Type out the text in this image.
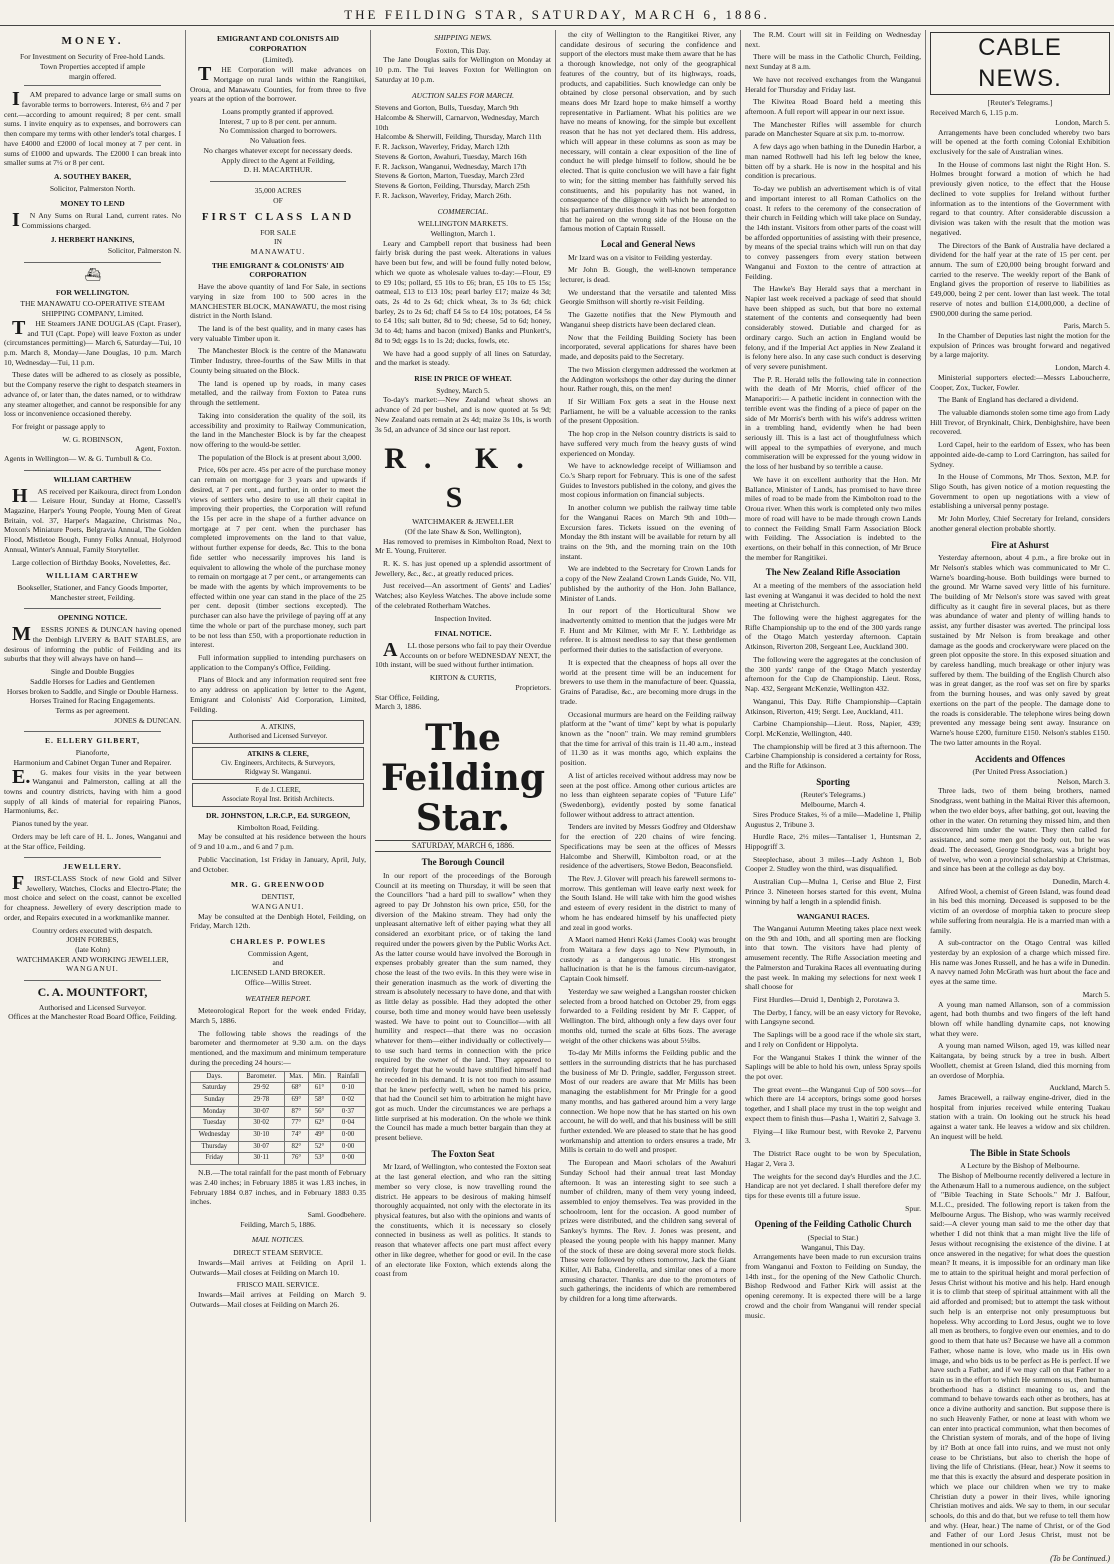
THE FEILDING STAR, SATURDAY, MARCH 6, 1886.
MONEY.
For Investment on Security of Free-hold Lands.
Town Properties accepted if ample
margin offered.

IAM prepared to advance large or small sums on favorable terms to borrowers. Interest, 6½ and 7 per cent.—according to amount required; 8 per cent. small sums. I invite enquiry as to expenses, and borrowers can then compare my terms with other lender's total charges. I have £4000 and £2000 of local money at 7 per cent. in sums of £1000 and upwards. The £2000 I can break into smaller sums at 7½ or 8 per cent.

A. SOUTHEY BAKER,
Solicitor, Palmerston North.
MONEY TO LEND

IN Any Sums on Rural Land, current rates. No Commissions charged.

J. HERBERT HANKINS,
Solicitor, Palmerston N.
⛴
FOR WELLINGTON.
THE MANAWATU CO-OPERATIVE STEAM SHIPPING COMPANY, Limited.

THE Steamers JANE DOUGLAS (Capt. Fraser), and TUI (Capt. Pope) will leave Foxton as under (circumstances permitting)— March 6, Saturday—Tui, 10 p.m. March 8, Monday—Jane Douglas, 10 p.m. March 10, Wednesday—Tui, 11 p.m.

These dates will be adhered to as closely as possible, but the Company reserve the right to despatch steamers in advance of, or later than, the dates named, or to withdraw any steamer altogether, and cannot be responsible for any loss or inconvenience occasioned thereby.

For freight or passage apply to

W. G. ROBINSON,
Agent, Foxton.
Agents in Wellington— W. & G. Turnbull & Co.
WILLIAM CARTHEW

HAS received per Kaikoura, direct from London— Leisure Hour, Sunday at Home, Cassell's Magazine, Harper's Young People, Young Men of Great Britain, vol. 37, Harper's Magazine, Christmas No., Moxon's Miniature Poets, Belgravia Annual, The Golden Flood, Mistletoe Bough, Funny Folks Annual, Holyrood Annual, Winter's Annual, Family Storyteller.

Large collection of Birthday Books, Novelettes, &c.

WILLIAM CARTHEW
Bookseller, Stationer, and Fancy Goods Importer,
Manchester street, Feilding.
OPENING NOTICE.

MESSRS JONES & DUNCAN having opened the Denbigh LIVERY & BAIT STABLES, are desirous of informing the public of Feilding and its suburbs that they will always have on hand—

Single and Double Buggies
Saddle Horses for Ladies and Gentlemen
Horses broken to Saddle, and Single or Double Harness.
Horses Trained for Racing Engagements.
Terms as per agreement.
JONES & DUNCAN.
E. ELLERY GILBERT,
Pianoforte,
Harmonium and Cabinet Organ Tuner and Repairer.

E.G. makes four visits in the year between Wanganui and Palmerston, calling at all the towns and country districts, having with him a good supply of all kinds of material for repairing Pianos, Harmoniums, &c.

Pianos tuned by the year.

Orders may be left care of H. L. Jones, Wanganui and at the Star office, Feilding.

JEWELLERY.

FIRST-CLASS Stock of new Gold and Silver Jewellery, Watches, Clocks and Electro-Plate; the most choice and select on the coast, cannot be excelled for cheapness. Jewellery of every description made to order, and Repairs executed in a workmanlike manner.

Country orders executed with despatch.
JOHN FORBES,
(late Kohn)
WATCHMAKER AND WORKING JEWELLER,
WANGANUI.
C. A. MOUNTFORT,
Authorised and Licensed Surveyor.
Offices at the Manchester Road Board Office, Feilding.
EMIGRANT AND COLONISTS AID CORPORATION
(Limited).

THE Corporation will make advances on Mortgage on rural lands within the Rangitikei, Oroua, and Manawatu Counties, for from three to five years at the option of the borrower.

Loans promptly granted if approved.
Interest, 7 up to 8 per cent. per annum.
No Commission charged to borrowers.
No Valuation fees.
No charges whatever except for necessary deeds.
Apply direct to the Agent at Feilding,
D. H. MACARTHUR.
35,000 ACRES
OF
FIRST CLASS LAND
FOR SALE
IN
MANAWATU.
THE EMIGRANT & COLONISTS' AID CORPORATION

Have the above quantity of land For Sale, in sections varying in size from 100 to 500 acres in the MANCHESTER BLOCK, MANAWATU, the most rising district in the North Island.

The land is of the best quality, and in many cases has very valuable Timber upon it.

The Manchester Block is the centre of the Manawatu Timber Industry, three-fourths of the Saw Mills in that County being situated on the Block.

The land is opened up by roads, in many cases metalled, and the railway from Foxton to Patea runs through the settlement.

Taking into consideration the quality of the soil, its accessibility and proximity to Railway Communication, the land in the Manchester Block is by far the cheapest now offering to the would-be settler.

The population of the Block is at present about 3,000.

Price, 60s per acre. 45s per acre of the purchase money can remain on mortgage for 3 years and upwards if desired, at 7 per cent., and further, in order to meet the views of settlers who desire to use all their capital in improving their properties, the Corporation will refund the 15s per acre in the shape of a further advance on mortgage at 7 per cent. when the purchaser has completed improvements on the land to that value, without further expense for deeds, &c. This to the bona fide settler who necessarily improves his land is equivalent to allowing the whole of the purchase money to remain on mortgage at 7 per cent., or arrangements can be made with the agents by which improvements to be effected within one year can stand in the place of the 25 per cent. deposit (timber sections excepted). The purchaser can also have the privilege of paying off at any time the whole or part of the purchase money, such part to be not less than £50, with a proportionate reduction in interest.

Full information supplied to intending purchasers on application to the Company's Office, Feilding.

Plans of Block and any information required sent free to any address on application by letter to the Agent, Emigrant and Colonists' Aid Corporation, Limited, Feilding.

A. ATKINS,
Authorised and Licensed Surveyor.
ATKINS & CLERE,
Civ. Engineers, Architects, & Surveyors,
Ridgway St. Wanganui.
F. de J. CLERE,
Associate Royal Inst. British Architects.
DR. JOHNSTON, L.R.C.P., Ed. SURGEON,
Kimbolton Road, Feilding.

May be consulted at his residence between the hours of 9 and 10 a.m., and 6 and 7 p.m.

Public Vaccination, 1st Friday in January, April, July, and October.

MR. G. GREENWOOD
DENTIST,
WANGANUI.

May be consulted at the Denbigh Hotel, Feilding, on Friday, March 12th.

CHARLES P. POWLES
Commission Agent,
and
LICENSED LAND BROKER.
Office—Willis Street.
WEATHER REPORT.

Meteorological Report for the week ended Friday, March 5, 1886.

The following table shows the readings of the barometer and thermometer at 9.30 a.m. on the days mentioned, and the maximum and minimum temperature during the preceding 24 hours:—

Days.	Barometer.	Max.	Min.	Rainfall
Saturday	29·92	68°	61°	0·10
Sunday	29·78	69°	58°	0·02
Monday	30·07	87°	56°	0·37
Tuesday	30·02	77°	62°	0·04
Wednesday	30·10	74°	49°	0·00
Thursday	30·07	82°	52°	0·00
Friday	30·11	76°	53°	0·00

N.B.—The total rainfall for the past month of February was 2.40 inches; in February 1885 it was 1.83 inches, in February 1884 0.87 inches, and in February 1883 0.35 inches.

Saml. Goodbehere.
Feilding, March 5, 1886.
MAIL NOTICES.
DIRECT STEAM SERVICE.

Inwards—Mail arrives at Feilding on April 1. Outwards—Mail closes at Feilding on March 10.

FRISCO MAIL SERVICE.

Inwards—Mail arrives at Feilding on March 9. Outwards—Mail closes at Feilding on March 26.

SHIPPING NEWS.
Foxton, This Day.

The Jane Douglas sails for Wellington on Monday at 10 p.m. The Tui leaves Foxton for Wellington on Saturday at 10 p.m.

AUCTION SALES FOR MARCH.
Stevens and Gorton, Bulls, Tuesday, March 9th
Halcombe & Sherwill, Carnarvon, Wednesday, March 10th
Halcombe & Sherwill, Feilding, Thursday, March 11th
F. R. Jackson, Waverley, Friday, March 12th
Stevens & Gorton, Awahuri, Tuesday, March 16th
F. R. Jackson, Wanganui, Wednesday, March 17th
Stevens & Gorton, Marton, Tuesday, March 23rd
Stevens & Gorton, Feilding, Thursday, March 25th
F. R. Jackson, Waverley, Friday, March 26th.
COMMERCIAL.
WELLINGTON MARKETS.
Wellington, March 1.

Leary and Campbell report that business had been fairly brisk during the past week. Alterations in values have been but few, and will be found fully noted below, which we quote as wholesale values to-day:—Flour, £9 to £9 10s; pollard, £5 10s to £6; bran, £5 10s to £5 15s; oatmeal, £13 to £13 10s; pearl barley £17; maize 4s 3d; oats, 2s 4d to 2s 6d; chick wheat, 3s to 3s 6d; chick barley, 2s to 2s 6d; chaff £4 5s to £4 10s; potatoes, £4 5s to £4 10s; salt butter, 8d to 9d; cheese, 5d to 6d; honey, 3d to 4d; hams and bacon (mixed) Banks and Plunkett's, 8d to 9d; eggs 1s to 1s 2d; ducks, fowls, etc.

We have had a good supply of all lines on Saturday, and the market is steady.

RISE IN PRICE OF WHEAT.
Sydney, March 5.

To-day's market:—New Zealand wheat shows an advance of 2d per bushel, and is now quoted at 5s 9d; New Zealand oats remain at 2s 4d; maize 3s 10s, is worth 3s 5d, an advance of 3d since our last report.

R. K. S
WATCHMAKER & JEWELLER
(Of the late Shaw & Son, Wellington),

Has removed to premises in Kimbolton Road, Next to Mr E. Young, Fruiterer.

R. K. S. has just opened up a splendid assortment of Jewellery, &c., &c., at greatly reduced prices.

Just received—An assortment of Gents' and Ladies' Watches; also Keyless Watches. The above include some of the celebrated Rotherham Watches.

Inspection Invited.
FINAL NOTICE.

ALL those persons who fail to pay their Overdue Accounts on or before WEDNESDAY NEXT, the 10th instant, will be sued without further intimation.

KIRTON & CURTIS,
Proprietors.
Star Office, Feilding,
March 3, 1886.
The Feilding Star.
SATURDAY, MARCH 6, 1886.
The Borough Council

In our report of the proceedings of the Borough Council at its meeting on Thursday, it will be seen that the Councillors "had a hard pill to swallow" when they agreed to pay Dr Johnston his own price, £50, for the diversion of the Makino stream. They had only the unpleasant alternative left of either paying what they all considered an exorbitant price, or of taking the land required under the powers given by the Public Works Act. As the latter course would have involved the Borough in expenses probably greater than the sum named, they chose the least of the two evils. In this they were wise in their generation inasmuch as the work of diverting the stream is absolutely necessary to have done, and that with as little delay as possible. Had they adopted the other course, both time and money would have been uselessly wasted. We have to point out to Councillor—with all humility and respect—that there was no occasion whatever for them—either individually or collectively—to use such hard terms in connection with the price required by the owner of the land. They appeared to entirely forget that he would have stultified himself had he receded in his demand. It is not too much to assume that he knew perfectly well, when he named his price, that had the Council set him to arbitration he might have got as much. Under the circumstances we are perhaps a little surprised at his moderation. On the whole we think the Council has made a much better bargain than they at present believe.

The Foxton Seat

Mr Izard, of Wellington, who contested the Foxton seat at the last general election, and who ran the sitting member so very close, is now travelling round the district. He appears to be desirous of making himself thoroughly acquainted, not only with the electorate in its physical features, but also with the opinions and wants of the constituents, which it is necessary so closely connected in business as well as politics. It stands to reason that whatever affects one part must affect every other in like degree, whether for good or evil. In the case of an electorate like Foxton, which extends along the coast from

the city of Wellington to the Rangitikei River, any candidate desirous of securing the confidence and support of the electors must make them aware that he has a thorough knowledge, not only of the geographical features of the country, but of its highways, roads, products, and capabilities. Such knowledge can only be obtained by close personal observation, and by such means does Mr Izard hope to make himself a worthy representative in Parliament. What his politics are we have no means of knowing, for the simple but excellent reason that he has not yet declared them. His address, which will appear in these columns as soon as may be necessary, will contain a clear exposition of the line of conduct he will pledge himself to follow, should he be elected. That is quite conclusion we will have a fair fight to win; for the sitting member has faithfully served his constituents, and his popularity has not waned, in consequence of the diligence with which he attended to his parliamentary duties though it has not been forgotten that he paired on the wrong side of the House on the famous motion of Captain Russell.

Local and General News

Mr Izard was on a visitor to Feilding yesterday.

Mr John B. Gough, the well-known temperance lecturer, is dead.

We understand that the versatile and talented Miss Georgie Smithson will shortly re-visit Feilding.

The Gazette notifies that the New Plymouth and Wanganui sheep districts have been declared clean.

Now that the Feilding Building Society has been incorporated, several applications for shares have been made, and deposits paid to the Secretary.

The two Mission clergymen addressed the workmen at the Addington workshops the other day during the dinner hour. Rather rough, this, on the men!

If Sir William Fox gets a seat in the House next Parliament, he will be a valuable accession to the ranks of the present Opposition.

The hop crop in the Nelson country districts is said to have suffered very much from the heavy gusts of wind experienced on Monday.

We have to acknowledge receipt of Williamson and Co.'s Sharp report for February. This is one of the safest Guides to Investors published in the colony, and gives the most copious information on financial subjects.

In another column we publish the railway time table for the Wanganui Races on March 9th and 10th—Excursion fares. Tickets issued on the evening of Monday the 8th instant will be available for return by all trains on the 9th, and the morning train on the 10th instant.

We are indebted to the Secretary for Crown Lands for a copy of the New Zealand Crown Lands Guide, No. VII, published by the authority of the Hon. John Ballance, Minister of Lands.

In our report of the Horticultural Show we inadvertently omitted to mention that the judges were Mr F. Hunt and Mr Kilmer, with Mr F. Y. Lethbridge as referee. It is almost needless to say that these gentlemen performed their duties to the satisfaction of everyone.

It is expected that the cheapness of hops all over the world at the present time will be an inducement for brewers to use them in the manufacture of beer. Quassia, Grains of Paradise, &c., are becoming more drugs in the trade.

Occasional murmurs are heard on the Feilding railway platform at the "want of time" kept by what is popularly known as the "noon" train. We may remind grumblers that the time for arrival of this train is 11.40 a.m., instead of 11.30 as it was months ago, which explains the position.

A list of articles received without address may now be seen at the post office. Among other curious articles are no less than eighteen separate copies of "Future Life" (Swedenborg), evidently posted by some fanatical follower without address to attract attention.

Tenders are invited by Messrs Godfrey and Oldershaw for the erection of 220 chains of wire fencing. Specifications may be seen at the offices of Messrs Halcombe and Sherwill, Kimbolton road, or at the residence of the advertisers, Stowe Bedon, Beaconsfield.

The Rev. J. Glover will preach his farewell sermons to-morrow. This gentleman will leave early next week for the South Island. He will take with him the good wishes and esteem of every resident in the district to many of whom he has endeared himself by his unaffected piety and zeal in good works.

A Maori named Henri Keki (James Cook) was brought from Waitara a few days ago to New Plymouth, in custody as a dangerous lunatic. His strongest hallucination is that he is the famous circum-navigator, Captain Cook himself.

Yesterday we saw weighed a Langshan rooster chicken selected from a brood hatched on October 29, from eggs forwarded to a Feilding resident by Mr F. Capper, of Wellington. The bird, although only a few days over four months old, turned the scale at 6lbs 6ozs. The average weight of the other chickens was about 5½lbs.

To-day Mr Mills informs the Feilding public and the settlers in the surrounding districts that he has purchased the business of Mr D. Pringle, saddler, Fergusson street. Most of our readers are aware that Mr Mills has been managing the establishment for Mr Pringle for a good many months, and has gathered around him a very large connection. We hope now that he has started on his own account, he will do well, and that his business will be still further extended. We are pleased to state that he has good workmanship and attention to orders ensures a trade, Mr Mills is certain to do well and prosper.

The European and Maori scholars of the Awahuri Sunday School had their annual treat last Monday afternoon. It was an interesting sight to see such a number of children, many of them very young indeed, assembled to enjoy themselves. Tea was provided in the schoolroom, lent for the occasion. A good number of prizes were distributed, and the children sang several of Sankey's hymns. The Rev. J. Jones was present, and pleased the young people with his happy manner. Many of the stock of these are doing several more stock fields. These were followed by others tomorrow, Jack the Giant Killer, Ali Baba, Cinderella, and similar ones of a more amusing character. Thanks are due to the promoters of such gatherings, the incidents of which are remembered by children for a long time afterwards.

The R.M. Court will sit in Feilding on Wednesday next.

There will be mass in the Catholic Church, Feilding, next Sunday at 8 a.m.

We have not received exchanges from the Wanganui Herald for Thursday and Friday last.

The Kiwitea Road Board held a meeting this afternoon. A full report will appear in our next issue.

The Manchester Rifles will assemble for church parade on Manchester Square at six p.m. to-morrow.

A few days ago when bathing in the Dunedin Harbor, a man named Rothwell had his left leg below the knee, bitten off by a shark. He is now in the hospital and his condition is precarious.

To-day we publish an advertisement which is of vital and important interest to all Roman Catholics on the coast. It refers to the ceremony of the consecration of their church in Feilding which will take place on Sunday, the 14th instant. Visitors from other parts of the coast will be afforded opportunities of assisting with their presence, by means of the special trains which will run on that day to convey passengers from every station between Wanganui and Foxton to the centre of attraction at Feilding.

The Hawke's Bay Herald says that a merchant in Napier last week received a package of seed that should have been shipped as such, but that bore no external statement of the contents and consequently had been considerably stowed. Dutiable and charged for as ordinary cargo. Such an action in England would be felony, and if the Imperial Act applies in New Zealand it is felony here also. In any case such conduct is deserving of very severe punishment.

The P. R. Herald tells the following tale in connection with the death of Mr Morris, chief officer of the Manaporiri:— A pathetic incident in connection with the terrible event was the finding of a piece of paper on the side of Mr Morris's berth with his wife's address written in a trembling hand, evidently when he had been seriously ill. This is a last act of thoughtfulness which will appeal to the sympathies of everyone, and much commiseration will be expressed for the young widow in the loss of her husband by so terrible a cause.

We have it on excellent authority that the Hon. Mr Ballance, Minister of Lands, has promised to have three miles of road to be made from the Kimbolton road to the Oroua river. When this work is completed only two miles more of road will have to be made through crown Lands to connect the Feilding Small Farm Association Block with Feilding. The Association is indebted to the exertions, on their behalf in this connection, of Mr Bruce the member for Rangitikei.

The New Zealand Rifle Association

At a meeting of the members of the association held last evening at Wanganui it was decided to hold the next meeting at Christchurch.

The following were the highest aggregates for the Rifle Championship up to the end of the 300 yards range of the Otago Match yesterday afternoon. Captain Atkinson, Riverton 208, Sergeant Lee, Auckland 300.

The following were the aggregates at the conclusion of the 300 yards' range of the Otago Match yesterday afternoon for the Cup de Championship. Lieut. Ross, Nap. 432, Sergeant McKenzie, Wellington 432.

Wanganui, This Day. Rifle Championship—Captain Atkinson, Riverton, 419; Sergt. Lee, Auckland, 411.

Carbine Championship—Lieut. Ross, Napier, 439; Corpl. McKenzie, Wellington, 440.

The championship will be fired at 3 this afternoon. The Carbine Championship is considered a certainty for Ross, and the Rifle for Atkinson.

Sporting
(Reuter's Telegrams.)
Melbourne, March 4.

Sires Produce Stakes, ⅔ of a mile—Madeline 1, Philip Augustus 2, Tribune 3.

Hurdle Race, 2½ miles—Tantaliser 1, Huntsman 2, Hippogriff 3.

Steeplechase, about 3 miles—Lady Ashton 1, Bob Cooper 2. Studley won the third, was disqualified.

Australian Cup—Mulna 1, Cerise and Blue 2, First Prince 3. Nineteen horses started for this event, Mulna winning by half a length in a splendid finish.

WANGANUI RACES.

The Wanganui Autumn Meeting takes place next week on the 9th and 10th, and all sporting men are flocking into that town. The visitors have had plenty of amusement recently. The Rifle Association meeting and the Palmerston and Turakina Races all eventuating during the past week. In making my selections for next week I shall choose for

First Hurdles—Druid 1, Denbigh 2, Porotawa 3.

The Derby, I fancy, will be an easy victory for Revoke, with Langsyne second.

The Saplings will be a good race if the whole six start, and I rely on Confident or Hippolyta.

For the Wanganui Stakes I think the winner of the Saplings will be able to hold his own, unless Spray spoils the pot over.

The great event—the Wanganui Cup of 500 sovs—for which there are 14 acceptors, brings some good horses together, and I shall place my trust in the top weight and expect them to finish thus—Pasha 1, Waitiri 2, Salvage 3.

Flying—I like Rumour best, with Revoke 2, Parvenu 3.

The District Race ought to be won by Speculation, Hagar 2, Vera 3.

The weights for the second day's Hurdles and the J.C. Handicap are not yet declared. I shall therefore defer my tips for these events till a future issue.

Spur.
Opening of the Feilding Catholic Church
(Special to Star.)
Wanganui, This Day.

Arrangements have been made to run excursion trains from Wanganui and Foxton to Feilding on Sunday, the 14th inst., for the opening of the New Catholic Church. Bishop Redwood and Father Kirk will assist at the opening ceremony. It is expected there will be a large crowd and the choir from Wanganui will render special music.

CABLE NEWS.
[Reuter's Telegrams.]
Received March 6, 1.15 p.m.
London, March 5.

Arrangements have been concluded whereby two bars will be opened at the forth coming Colonial Exhibition exclusively for the sale of Australian wines.

In the House of commons last night the Right Hon. S. Holmes brought forward a motion of which he had previously given notice, to the effect that the House declined to vote supplies for Ireland without further information as to the intentions of the Government with regard to that country. After considerable discussion a division was taken with the result that the motion was negatived.

The Directors of the Bank of Australia have declared a dividend for the half year at the rate of 15 per cent. per annum. The sum of £20,000 being brought forward and carried to the reserve. The weekly report of the Bank of England gives the proportion of reserve to liabilities as £49,000, being 2 per cent. lower than last week. The total reserve of notes and bullion £14,000,000, a decline of £900,000 during the same period.

Paris, March 5.

In the Chamber of Deputies last night the motion for the expulsion of Princes was brought forward and negatived by a large majority.

London, March 4.

Ministerial supporters elected:—Messrs Laboucherre, Cooper, Zox, Tucker, Fowler.

The Bank of England has declared a dividend.

The valuable diamonds stolen some time ago from Lady Hill Trevor, of Brynkinalt, Chirk, Denbighshire, have been recovered.

Lord Capel, heir to the earldom of Essex, who has been appointed aide-de-camp to Lord Carrington, has sailed for Sydney.

In the House of Commons, Mr Thos. Sexton, M.P. for Sligo South, has given notice of a motion requesting the Government to open up negotiations with a view of establishing a universal penny postage.

Mr John Morley, Chief Secretary for Ireland, considers another general election probable shortly.

Fire at Ashurst

Yesterday afternoon, about 4 p.m., a fire broke out in Mr Nelson's stables which was communicated to Mr C. Warne's boarding-house. Both buildings were burned to the ground. Mr Warne saved very little of his furniture. The building of Mr Nelson's store was saved with great difficulty as it caught fire in several places, but as there was abundance of water and plenty of willing hands to assist, any further disaster was averted. The principal loss sustained by Mr Nelson is from breakage and other damage as the goods and crockeryware were placed on the green plot opposite the store. In this exposed situation and by careless handling, much breakage or other injury was suffered by them. The building of the English Church also was in great danger, as the roof was set on fire by sparks from the burning houses, and was only saved by great exertions on the part of the people. The damage done to the roads is considerable. The telephone wires being down prevented any message being sent away. Insurance on Warne's house £200, furniture £150. Nelson's stables £150. The two latter amounts in the Royal.

Accidents and Offences
(Per United Press Association.)
Nelson, March 3.

Three lads, two of them being brothers, named Snodgrass, went bathing in the Maitai River this afternoon, when the two elder boys, after bathing, got out, leaving the other in the water. On returning they missed him, and then discovered him under the water. They then called for assistance, and some men got the body out, but he was dead. The deceased, George Snodgrass, was a bright boy of twelve, who won a provincial scholarship at Christmas, and since has been at the college as day boy.

Dunedin, March 4.

Alfred Wool, a chemist of Green Island, was found dead in his bed this morning. Deceased is supposed to be the victim of an overdose of morphia taken to procure sleep while suffering from neuralgia. He is a married man with a family.

A sub-contractor on the Otago Central was killed yesterday by an explosion of a charge which missed fire. His name was Jones Russell, and he has a wife in Dunedin. A navvy named John McGrath was hurt about the face and eyes at the same time.

March 5.

A young man named Allanson, son of a commission agent, had both thumbs and two fingers of the left hand blown off while handling dynamite caps, not knowing what they were.

A young man named Wilson, aged 19, was killed near Kaitangata, by being struck by a tree in bush. Albert Woollett, chemist at Green Island, died this morning from an overdose of Morphia.

Auckland, March 5.

James Bracewell, a railway engine-driver, died in the hospital from injuries received while entering Tuakau station with a train. On looking out he struck his head against a water tank. He leaves a widow and six children. An inquest will be held.

The Bible in State Schools
A Lecture by the Bishop of Melbourne.

The Bishop of Melbourne recently delivered a lecture in the Athenæum Hall to a numerous audience, on the subject of "Bible Teaching in State Schools." Mr J. Balfour, M.L.C., presided. The following report is taken from the Melbourne Argus. The Bishop, who was warmly received said:—A clever young man said to me the other day that whether I did not think that a man might live the life of Jesus without recognising the existence of the divine. I at once answered in the negative; for what does the question mean? It means, it is impossible for an ordinary man like me to attain to the spiritual height and moral perfection of Jesus Christ without his motive and his help. Hard enough it is to climb that steep of spiritual attainment with all the aid afforded and promised; but to attempt the task without such help is an enterprise not only presumptuous but hopeless. Why according to Lord Jesus, ought we to love all men as brothers, to forgive even our enemies, and to do good to them that hate us? Because we have all a common Father, whose name is love, who made us in His own image, and who bids us to be perfect as He is perfect. If we have such a Father, and if we may call on that Father to a stain us in the effort to which He summons us, then human brotherhood has a distinct meaning to us, and the command to behave towards each other as brothers, has at once a divine authority and sanction. But suppose there is no such Heavenly Father, or none at least with whom we can enter into practical communion, what then becomes of the Christian system of morals, and of the hope of living by it? Both at once fall into ruins, and we must not only cease to be Christians, but also to cherish the hope of living the life of Christians. (Hear, hear.) Now it seems to me that this is exactly the absurd and desperate position in which we place our children when we try to make Christian duty a power in their lives, while ignoring Christian motives and aids. We say to them, in our secular schools, do this and do that, but we refuse to tell them how and why. (Hear, hear.) The name of Christ, or of the God and Father of our Lord Jesus Christ, must not be mentioned in our schools.

(To be Continued.)
